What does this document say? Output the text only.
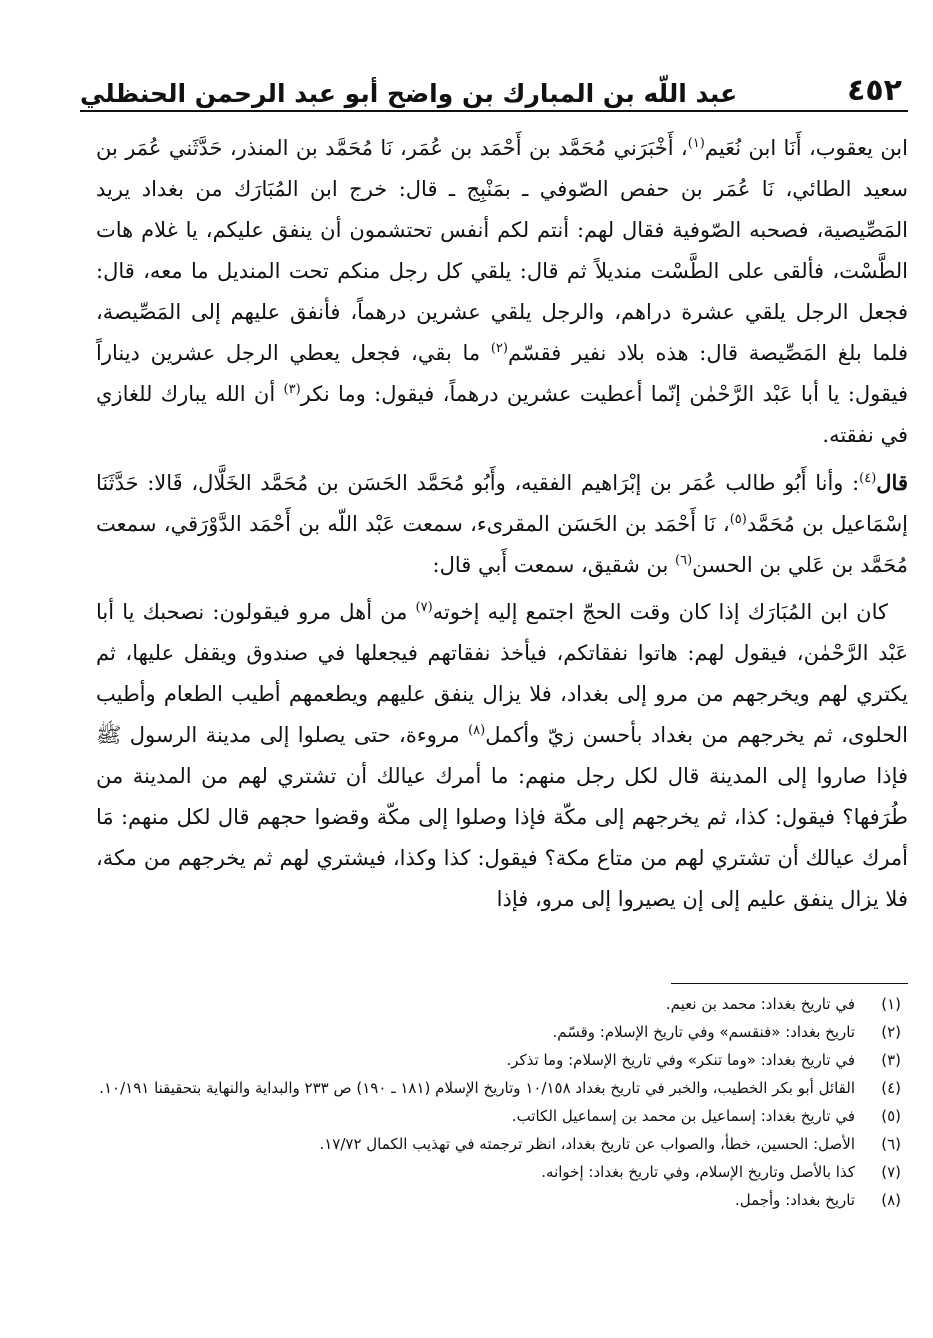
٤٥٢
عبد اللّه بن المبارك بن واضح أبو عبد الرحمن الحنظلي

ابن يعقوب، أَنَا ابن نُعَيم$^{(١)}$، أَخْبَرَني مُحَمَّد بن أَحْمَد بن عُمَر، نَا مُحَمَّد بن المنذر، حَدَّثَني عُمَر بن سعيد الطائي، نَا عُمَر بن حفص الصّوفي ـ بمَنْبِج ـ قال: خرج ابن المُبَارَك من بغداد يريد المَصِّيصية، فصحبه الصّوفية فقال لهم: أنتم لكم أنفس تحتشمون أن ينفق عليكم، يا غلام هات الطَّسْت، فألقى على الطَّسْت منديلاً ثم قال: يلقي كل رجل منكم تحت المنديل ما معه، قال: فجعل الرجل يلقي عشرة دراهم، والرجل يلقي عشرين درهماً، فأنفق عليهم إلى المَصِّيصة، فلما بلغ المَصِّيصة قال: هذه بلاد نفير فقسّم$^{(٢)}$ ما بقي، فجعل يعطي الرجل عشرين ديناراً فيقول: يا أبا عَبْد الرَّحْمٰن إنّما أعطيت عشرين درهماً، فيقول: وما نكر$^{(٣)}$ أن الله يبارك للغازي في نفقته.

قال$^{(٤)}$: وأنا أَبُو طالب عُمَر بن إبْرَاهيم الفقيه، وأَبُو مُحَمَّد الحَسَن بن مُحَمَّد الخَلَّال، قَالا: حَدَّثَنَا إسْمَاعيل بن مُحَمَّد$^{(٥)}$، نَا أَحْمَد بن الحَسَن المقرىء، سمعت عَبْد اللّه بن أَحْمَد الدَّوْرَقي، سمعت مُحَمَّد بن عَلي بن الحسن$^{(٦)}$ بن شقيق، سمعت أَبي قال:

كان ابن المُبَارَك إذا كان وقت الحجّ اجتمع إليه إخوته$^{(٧)}$ من أهل مرو فيقولون: نصحبك يا أبا عَبْد الرَّحْمٰن، فيقول لهم: هاتوا نفقاتكم، فيأخذ نفقاتهم فيجعلها في صندوق ويقفل عليها، ثم يكتري لهم ويخرجهم من مرو إلى بغداد، فلا يزال ينفق عليهم ويطعمهم أطيب الطعام وأطيب الحلوى، ثم يخرجهم من بغداد بأحسن زيّ وأكمل$^{(٨)}$ مروءة، حتى يصلوا إلى مدينة الرسول ﷺ فإذا صاروا إلى المدينة قال لكل رجل منهم: ما أمرك عيالك أن تشتري لهم من المدينة من طُرَفها؟ فيقول: كذا، ثم يخرجهم إلى مكّة فإذا وصلوا إلى مكّة وقضوا حجهم قال لكل منهم: مَا أمرك عيالك أن تشتري لهم من متاع مكة؟ فيقول: كذا وكذا، فيشتري لهم ثم يخرجهم من مكة، فلا يزال ينفق عليم إلى إن يصيروا إلى مرو، فإذا

(١)
في تاريخ بغداد: محمد بن نعيم.
(٢)
تاريخ بغداد: «فنقسم» وفي تاريخ الإسلام: وقسّم.
(٣)
في تاريخ بغداد: «وما تنكر» وفي تاريخ الإسلام: وما تذكر.
(٤)
القائل أبو بكر الخطيب، والخبر في تاريخ بغداد ١٠/١٥٨ وتاريخ الإسلام (١٨١ ـ ١٩٠) ص ٢٣٣ والبداية والنهاية بتحقيقنا ١٠/١٩١.
(٥)
في تاريخ بغداد: إسماعيل بن محمد بن إسماعيل الكاتب.
(٦)
الأصل: الحسين، خطأ، والصواب عن تاريخ بغداد، انظر ترجمته في تهذيب الكمال ١٧/٧٢.
(٧)
كذا بالأصل وتاريخ الإسلام، وفي تاريخ بغداد: إخوانه.
(٨)
تاريخ بغداد: وأجمل.
